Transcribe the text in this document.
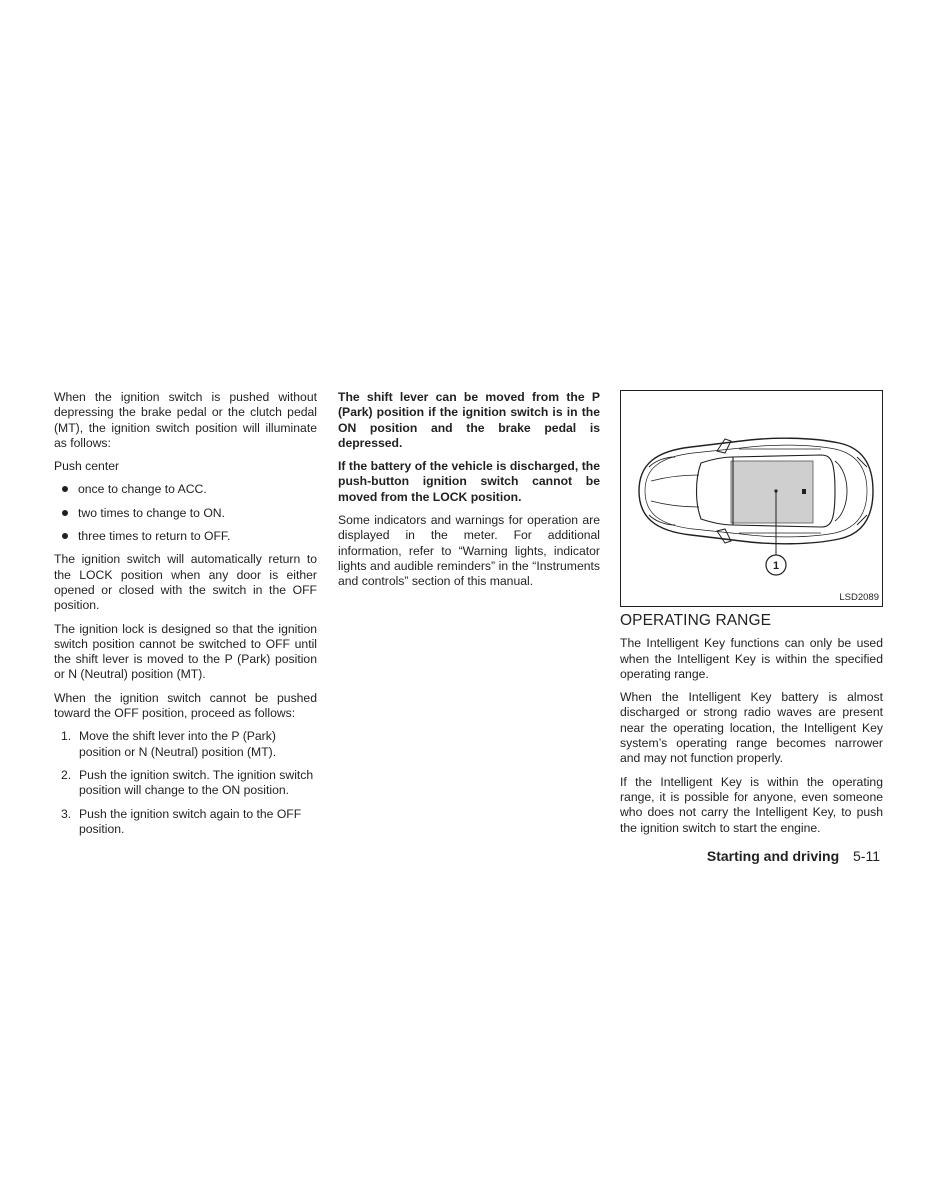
When the ignition switch is pushed without depressing the brake pedal or the clutch pedal (MT), the ignition switch position will illuminate as follows:

Push center

once to change to ACC.
two times to change to ON.
three times to return to OFF.

The ignition switch will automatically return to the LOCK position when any door is either opened or closed with the switch in the OFF position.

The ignition lock is designed so that the ignition switch position cannot be switched to OFF until the shift lever is moved to the P (Park) position or N (Neutral) position (MT).

When the ignition switch cannot be pushed toward the OFF position, proceed as follows:

1. Move the shift lever into the P (Park) position or N (Neutral) position (MT).
2. Push the ignition switch. The ignition switch position will change to the ON position.
3. Push the ignition switch again to the OFF position.

The shift lever can be moved from the P (Park) position if the ignition switch is in the ON position and the brake pedal is depressed.

If the battery of the vehicle is discharged, the push-button ignition switch cannot be moved from the LOCK position.

Some indicators and warnings for operation are displayed in the meter. For additional information, refer to “Warning lights, indicator lights and audible reminders” in the “Instruments and controls” section of this manual.

1
LSD2089
OPERATING RANGE

The Intelligent Key functions can only be used when the Intelligent Key is within the specified operating range.

When the Intelligent Key battery is almost discharged or strong radio waves are present near the operating location, the Intelligent Key system’s operating range becomes narrower and may not function properly.

If the Intelligent Key is within the operating range, it is possible for anyone, even someone who does not carry the Intelligent Key, to push the ignition switch to start the engine.

Starting and driving 5-11
